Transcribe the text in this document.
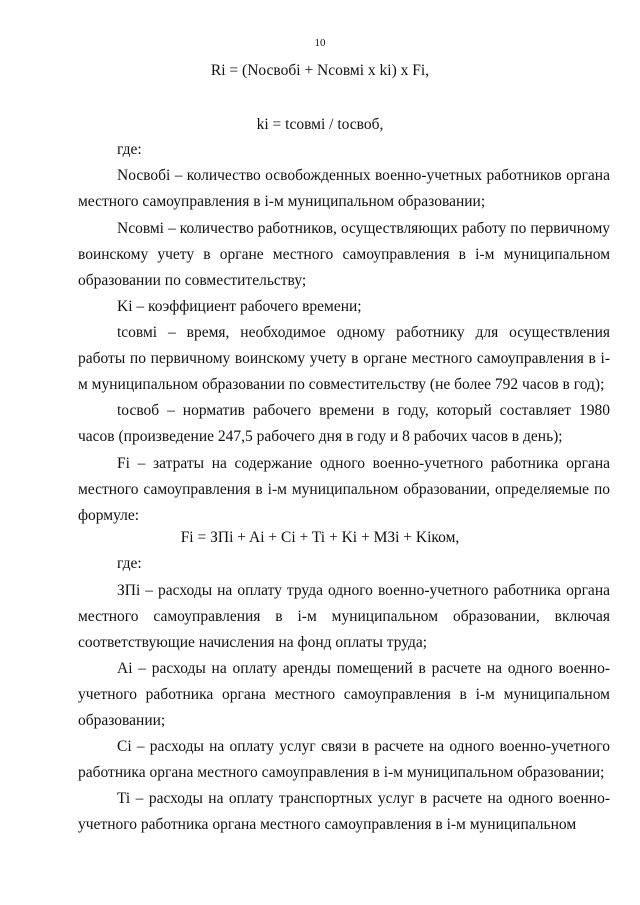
10
Ri = (Nосвобi + Nсовмi x ki) x Fi,
ki = tсовмi / tосвоб,
где:

Nосвобi – количество освобожденных военно-учетных работников органа местного самоуправления в i-м муниципальном образовании;

Nсовмi – количество работников, осуществляющих работу по первичному воинскому учету в органе местного самоуправления в i-м муниципальном образовании по совместительству;

Ki – коэффициент рабочего времени;

tсовмi – время, необходимое одному работнику для осуществления работы по первичному воинскому учету в органе местного самоуправления в i-м муниципальном образовании по совместительству (не более 792 часов в год);

tосвоб – норматив рабочего времени в году, который составляет 1980 часов (произведение 247,5 рабочего дня в году и 8 рабочих часов в день);

Fi – затраты на содержание одного военно-учетного работника органа местного самоуправления в i-м муниципальном образовании, определяемые по формуле:

Fi = ЗПi + Ai + Ci + Ti + Ki + МЗi + Kiком,
где:

ЗПi – расходы на оплату труда одного военно-учетного работника органа местного самоуправления в i-м муниципальном образовании, включая соответствующие начисления на фонд оплаты труда;

Ai – расходы на оплату аренды помещений в расчете на одного военно-учетного работника органа местного самоуправления в i-м муниципальном образовании;

Ci – расходы на оплату услуг связи в расчете на одного военно-учетного работника органа местного самоуправления в i-м муниципальном образовании;

Ti – расходы на оплату транспортных услуг в расчете на одного военно-учетного работника органа местного самоуправления в i-м муниципальном
